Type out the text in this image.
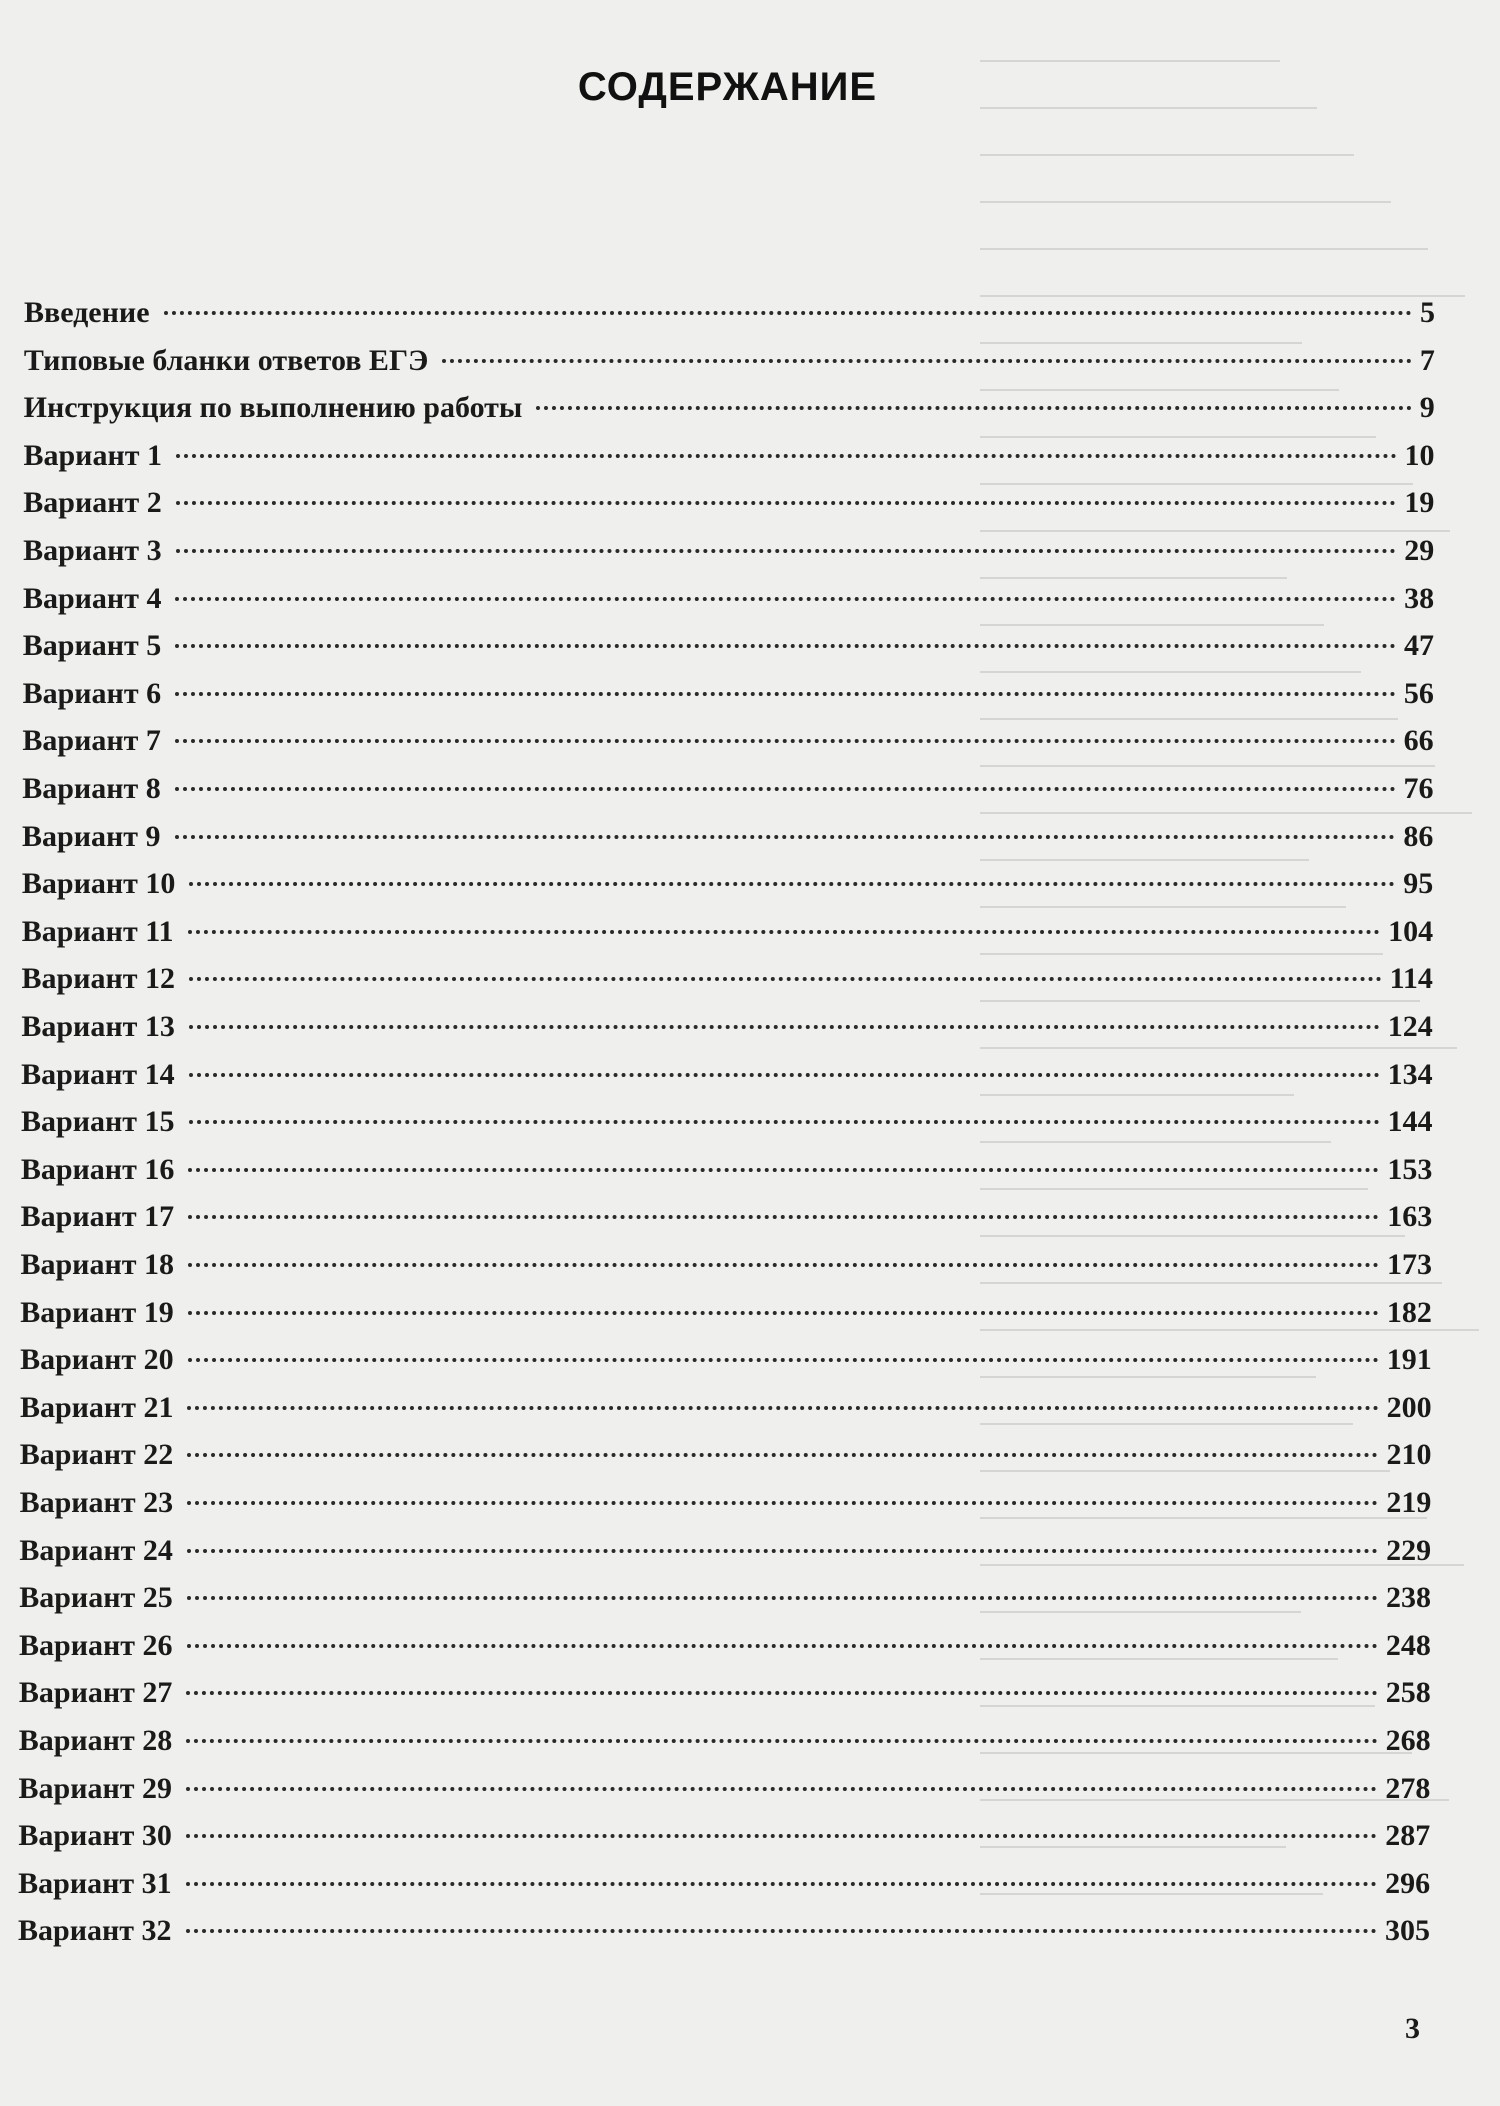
СОДЕРЖАНИЕ
Введение	5
Типовые бланки ответов ЕГЭ	7
Инструкция по выполнению работы	9
Вариант 1	10
Вариант 2	19
Вариант 3	29
Вариант 4	38
Вариант 5	47
Вариант 6	56
Вариант 7	66
Вариант 8	76
Вариант 9	86
Вариант 10	95
Вариант 11	104
Вариант 12	114
Вариант 13	124
Вариант 14	134
Вариант 15	144
Вариант 16	153
Вариант 17	163
Вариант 18	173
Вариант 19	182
Вариант 20	191
Вариант 21	200
Вариант 22	210
Вариант 23	219
Вариант 24	229
Вариант 25	238
Вариант 26	248
Вариант 27	258
Вариант 28	268
Вариант 29	278
Вариант 30	287
Вариант 31	296
Вариант 32	305
3
